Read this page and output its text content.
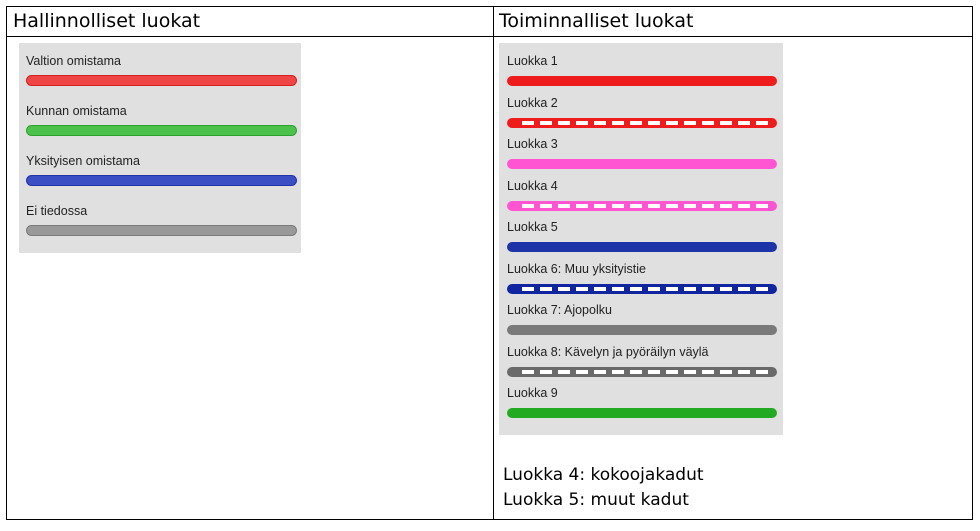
Hallinnolliset luokat	Toiminnalliset luokat
Valtion omistama
Kunnan omistama
Yksityisen omistama
Ei tiedossa
Luokka 1
Luokka 2
Luokka 3
Luokka 4
Luokka 5
Luokka 6: Muu yksityistie
Luokka 7: Ajopolku
Luokka 8: Kävelyn ja pyöräilyn väylä
Luokka 9
Luokka 4: kokoojakadut
Luokka 5: muut kadut
